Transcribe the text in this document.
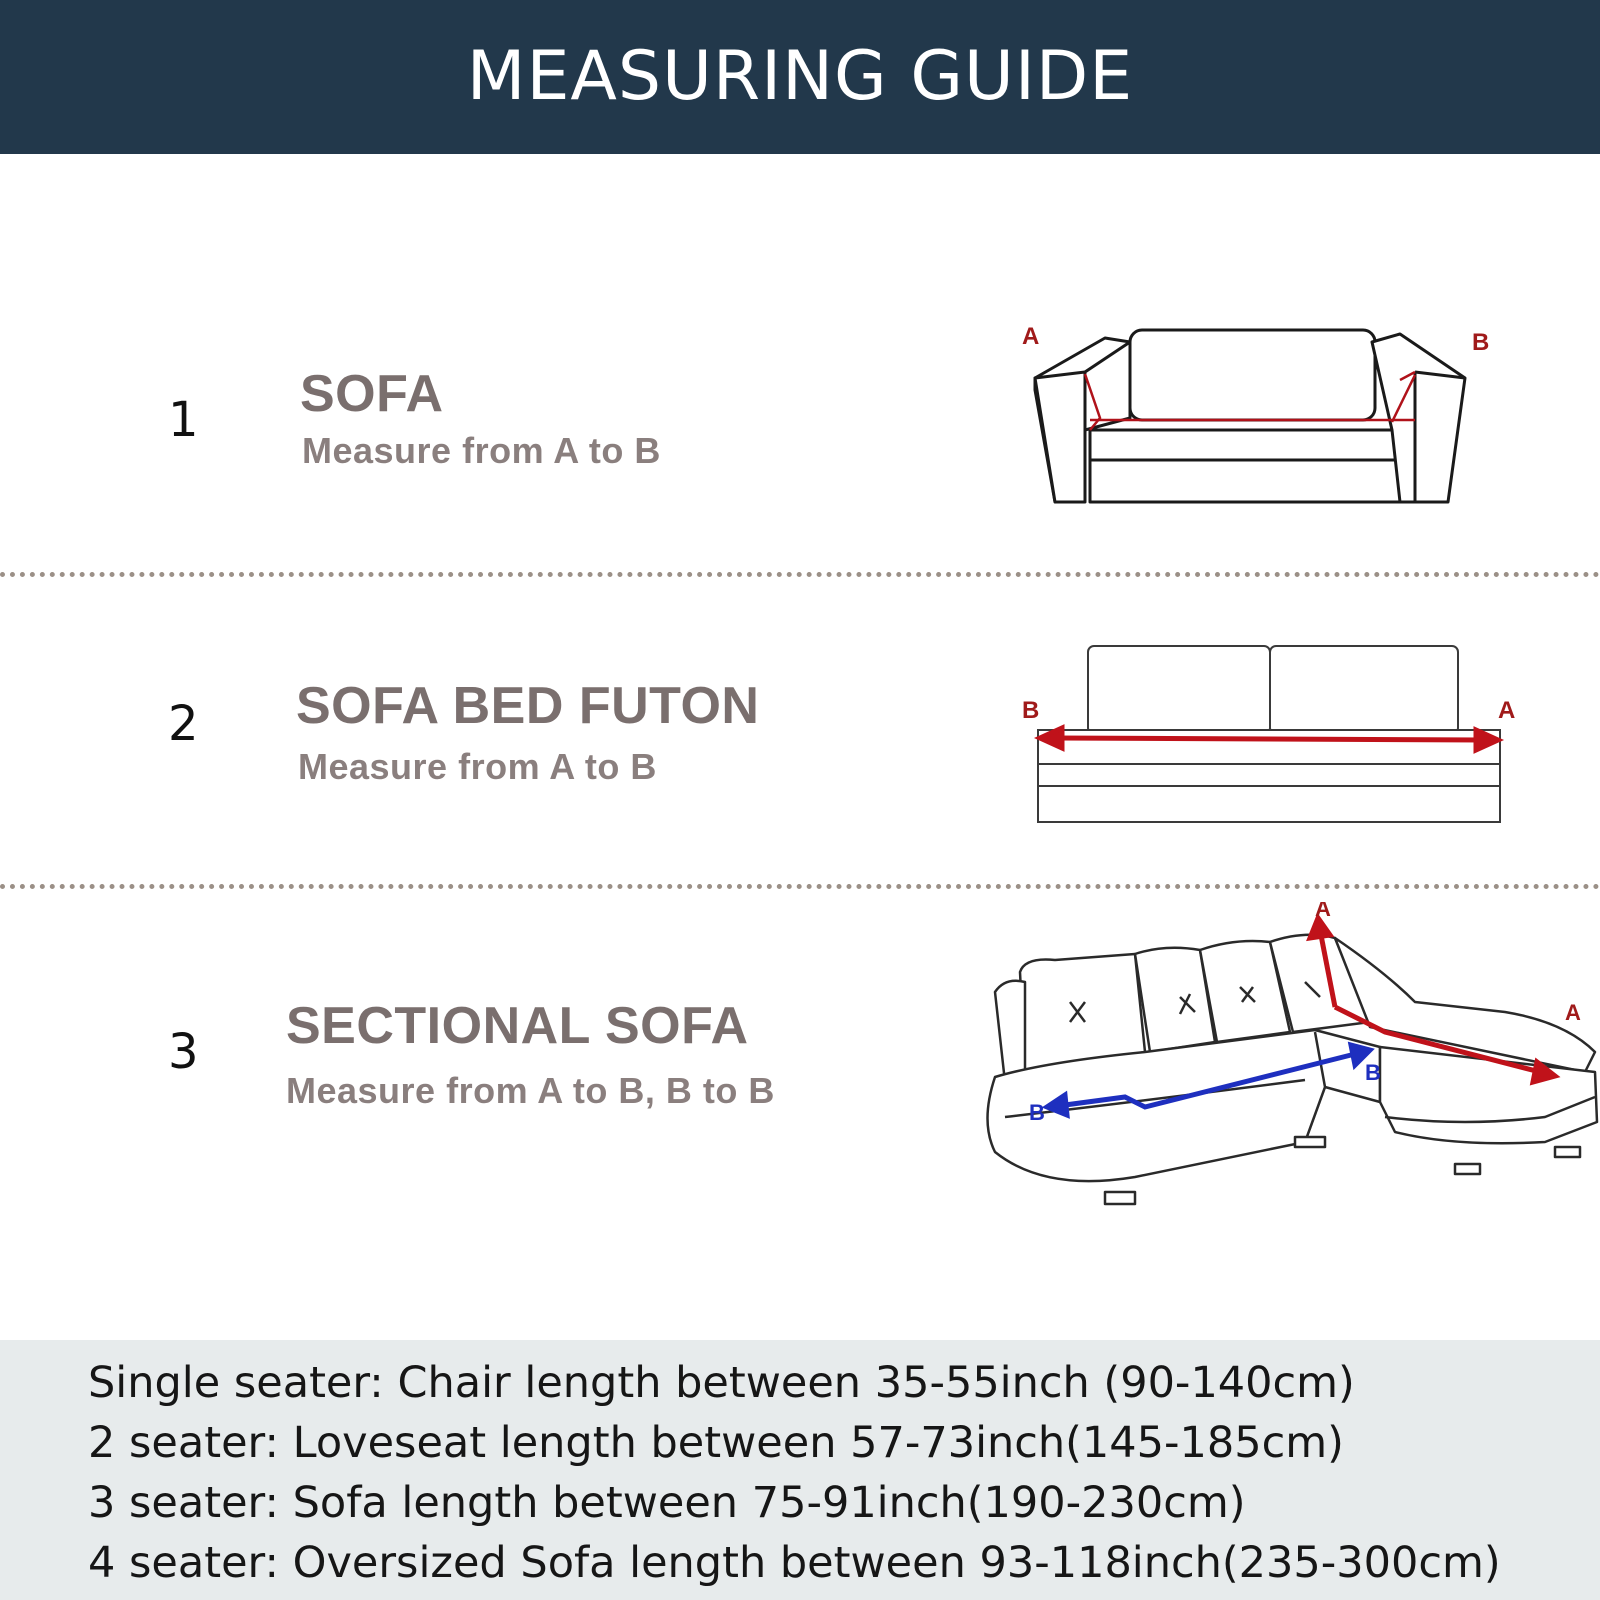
MEASURING GUIDE
1 SOFA
Measure from A to B
A	B
2 SOFA BED FUTON
Measure from A to B
B	A
3 SECTIONAL SOFA
Measure from A to B, B to B
A
A
B
B
Single seater: Chair length between 35-55inch (90-140cm)
2 seater: Loveseat length between 57-73inch(145-185cm)
3 seater: Sofa length between 75-91inch(190-230cm)
4 seater: Oversized Sofa length between 93-118inch(235-300cm)
